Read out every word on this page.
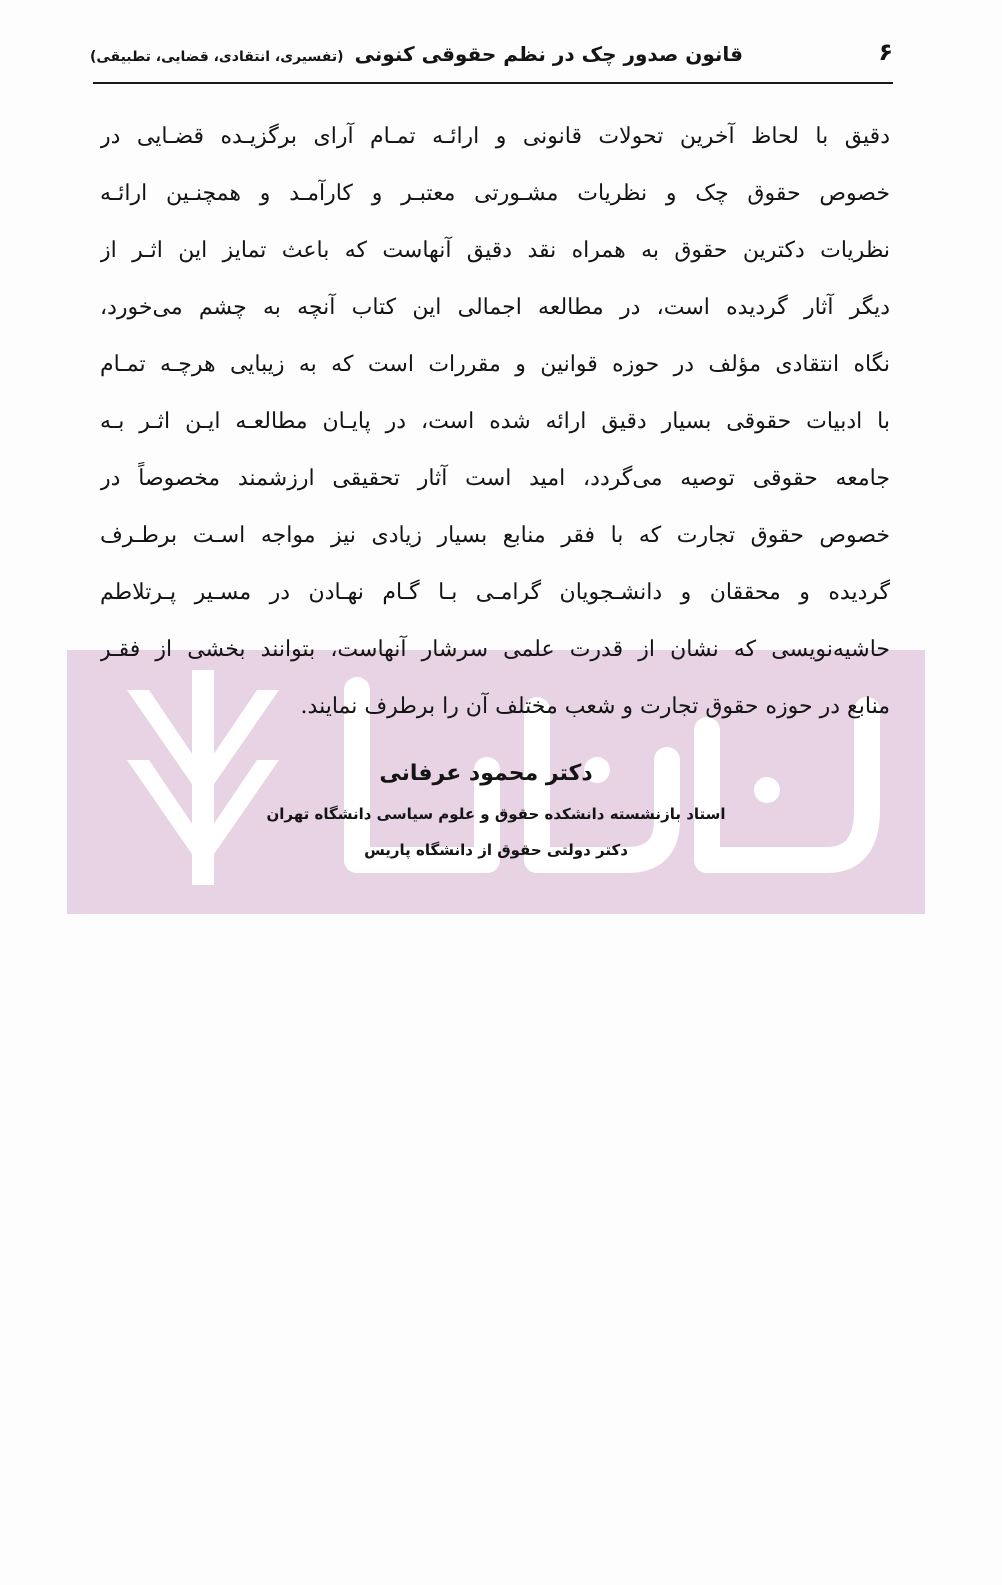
۶
قانون صدور چک در نظم حقوقی کنونی (تفسیری، انتقادی، قضایی، تطبیقی)
دقیق با لحاظ آخرین تحولات قانونی و ارائـه تمـام آرای برگزیـده قضـایی در
خصوص حقوق چک و نظریات مشـورتی معتبـر و کارآمـد و همچنـین ارائـه
نظریات دکترین حقوق به همراه نقد دقیق آنهاست که باعث تمایز این اثـر از
دیگر آثار گردیده است، در مطالعه اجمالی این کتاب آنچه به چشم می‌خورد،
نگاه انتقادی مؤلف در حوزه قوانین و مقررات است که به زیبایی هرچـه تمـام
با ادبیات حقوقی بسیار دقیق ارائه شده است، در پایـان مطالعـه ایـن اثـر بـه
جامعه حقوقی توصیه می‌گردد، امید است آثار تحقیقی ارزشمند مخصوصاً در
خصوص حقوق تجارت که با فقر منابع بسیار زیادی نیز مواجه اسـت برطـرف
گردیده و محققان و دانشـجویان گرامـی بـا گـام نهـادن در مسـیر پـرتلاطم
حاشیه‌نویسی که نشان از قدرت علمی سرشار آنهاست، بتوانند بخشی از فقـر
منابع در حوزه حقوق تجارت و شعب مختلف آن را برطرف نمایند.
دکتر محمود عرفانی
استاد بازنشسته دانشکده حقوق و علوم سیاسی دانشگاه تهران
دکتر دولتی حقوق از دانشگاه پاریس
